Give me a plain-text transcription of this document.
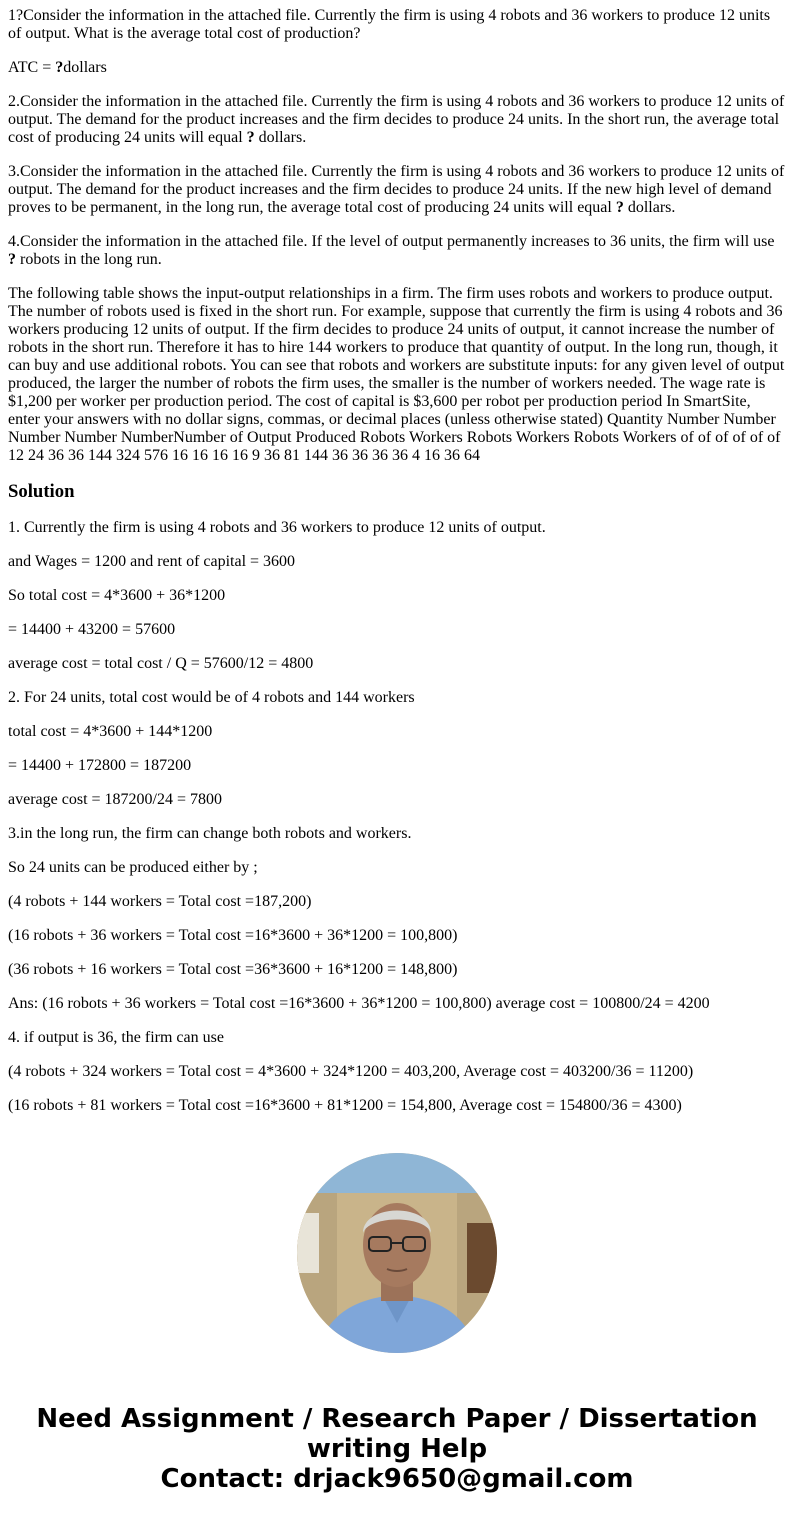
1?Consider the information in the attached file. Currently the firm is using 4 robots and 36 workers to produce 12 units of output. What is the average total cost of production?

ATC = ?dollars

2.Consider the information in the attached file. Currently the firm is using 4 robots and 36 workers to produce 12 units of output. The demand for the product increases and the firm decides to produce 24 units. In the short run, the average total cost of producing 24 units will equal ? dollars.

3.Consider the information in the attached file. Currently the firm is using 4 robots and 36 workers to produce 12 units of output. The demand for the product increases and the firm decides to produce 24 units. If the new high level of demand proves to be permanent, in the long run, the average total cost of producing 24 units will equal ? dollars.

4.Consider the information in the attached file. If the level of output permanently increases to 36 units, the firm will use ? robots in the long run.

The following table shows the input-output relationships in a firm. The firm uses robots and workers to produce output. The number of robots used is fixed in the short run. For example, suppose that currently the firm is using 4 robots and 36 workers producing 12 units of output. If the firm decides to produce 24 units of output, it cannot increase the number of robots in the short run. Therefore it has to hire 144 workers to produce that quantity of output. In the long run, though, it can buy and use additional robots. You can see that robots and workers are substitute inputs: for any given level of output produced, the larger the number of robots the firm uses, the smaller is the number of workers needed. The wage rate is $1,200 per worker per production period. The cost of capital is $3,600 per robot per production period In SmartSite, enter your answers with no dollar signs, commas, or decimal places (unless otherwise stated) Quantity Number Number Number Number NumberNumber of Output Produced Robots Workers Robots Workers Robots Workers of of of of of of 12 24 36 36 144 324 576 16 16 16 16 9 36 81 144 36 36 36 36 4 16 36 64

Solution

1. Currently the firm is using 4 robots and 36 workers to produce 12 units of output.

and Wages = 1200 and rent of capital = 3600

So total cost = 4*3600 + 36*1200

= 14400 + 43200 = 57600

average cost = total cost / Q = 57600/12 = 4800

2. For 24 units, total cost would be of 4 robots and 144 workers

total cost = 4*3600 + 144*1200

= 14400 + 172800 = 187200

average cost = 187200/24 = 7800

3.in the long run, the firm can change both robots and workers.

So 24 units can be produced either by ;

(4 robots + 144 workers = Total cost =187,200)

(16 robots + 36 workers = Total cost =16*3600 + 36*1200 = 100,800)

(36 robots + 16 workers = Total cost =36*3600 + 16*1200 = 148,800)

Ans: (16 robots + 36 workers = Total cost =16*3600 + 36*1200 = 100,800) average cost = 100800/24 = 4200

4. if output is 36, the firm can use

(4 robots + 324 workers = Total cost = 4*3600 + 324*1200 = 403,200, Average cost = 403200/36 = 11200)

(16 robots + 81 workers = Total cost =16*3600 + 81*1200 = 154,800, Average cost = 154800/36 = 4300)

Need Assignment / Research Paper / Dissertation
writing Help
Contact: drjack9650@gmail.com
